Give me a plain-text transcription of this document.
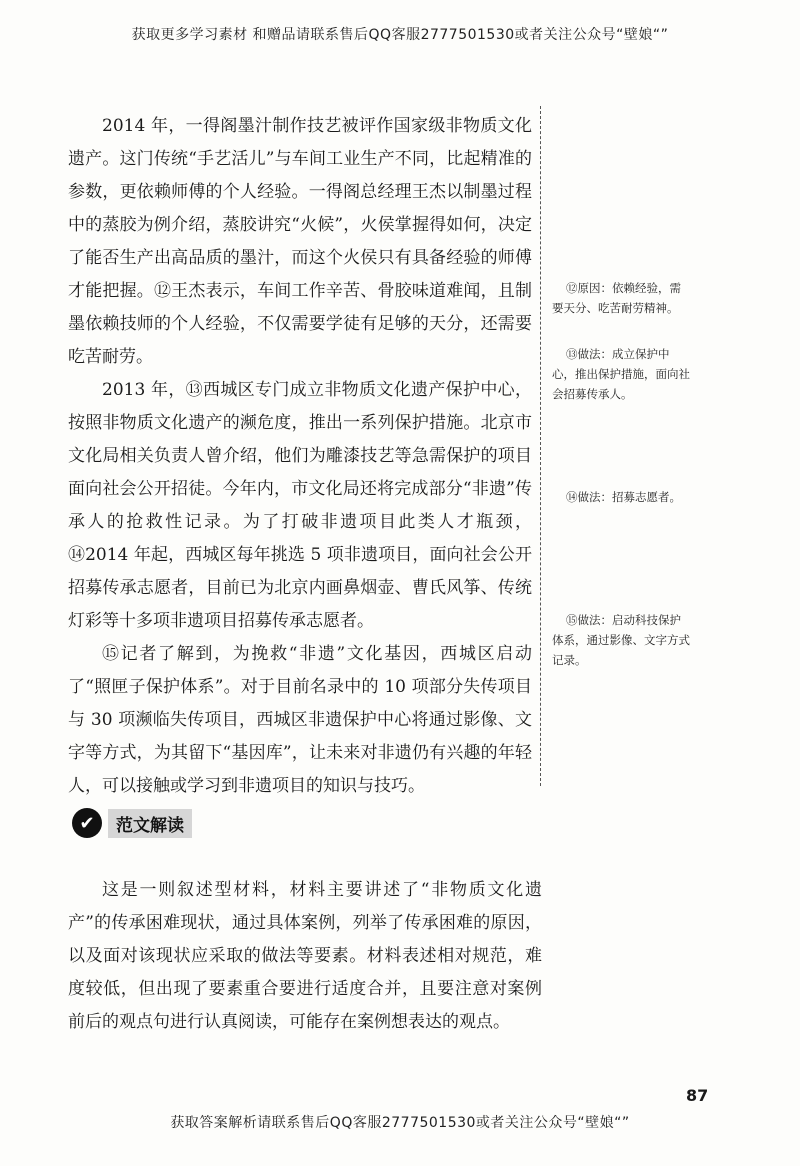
获取更多学习素材 和赠品请联系售后QQ客服2777501530或者关注公众号“壁娘“”

2014 年，一得阁墨汁制作技艺被评作国家级非物质文化遗产。这门传统“手艺活儿”与车间工业生产不同，比起精准的参数，更依赖师傅的个人经验。一得阁总经理王杰以制墨过程中的蒸胶为例介绍，蒸胶讲究“火候”，火侯掌握得如何，决定了能否生产出高品质的墨汁，而这个火侯只有具备经验的师傅才能把握。⑫王杰表示，车间工作辛苦、骨胶味道难闻，且制墨依赖技师的个人经验，不仅需要学徒有足够的天分，还需要吃苦耐劳。

2013 年，⑬西城区专门成立非物质文化遗产保护中心，按照非物质文化遗产的濒危度，推出一系列保护措施。北京市文化局相关负责人曾介绍，他们为雕漆技艺等急需保护的项目面向社会公开招徒。今年内，市文化局还将完成部分“非遗”传承人的抢救性记录。为了打破非遗项目此类人才瓶颈，⑭2014 年起，西城区每年挑选 5 项非遗项目，面向社会公开招募传承志愿者，目前已为北京内画鼻烟壶、曹氏风筝、传统灯彩等十多项非遗项目招募传承志愿者。

⑮记者了解到，为挽救“非遗”文化基因，西城区启动了“照匣子保护体系”。对于目前名录中的 10 项部分失传项目与 30 项濒临失传项目，西城区非遗保护中心将通过影像、文字等方式，为其留下“基因库”，让未来对非遗仍有兴趣的年轻人，可以接触或学习到非遗项目的知识与技巧。

⑫原因：依赖经验，需
要天分、吃苦耐劳精神。
⑬做法：成立保护中
心，推出保护措施，面向社
会招募传承人。
⑭做法：招募志愿者。
⑮做法：启动科技保护
体系，通过影像、文字方式
记录。
✔	范文解读

这是一则叙述型材料，材料主要讲述了“非物质文化遗产”的传承困难现状，通过具体案例，列举了传承困难的原因，以及面对该现状应采取的做法等要素。材料表述相对规范，难度较低，但出现了要素重合要进行适度合并，且要注意对案例前后的观点句进行认真阅读，可能存在案例想表达的观点。

87
获取答案解析请联系售后QQ客服2777501530或者关注公众号“壁娘“”
